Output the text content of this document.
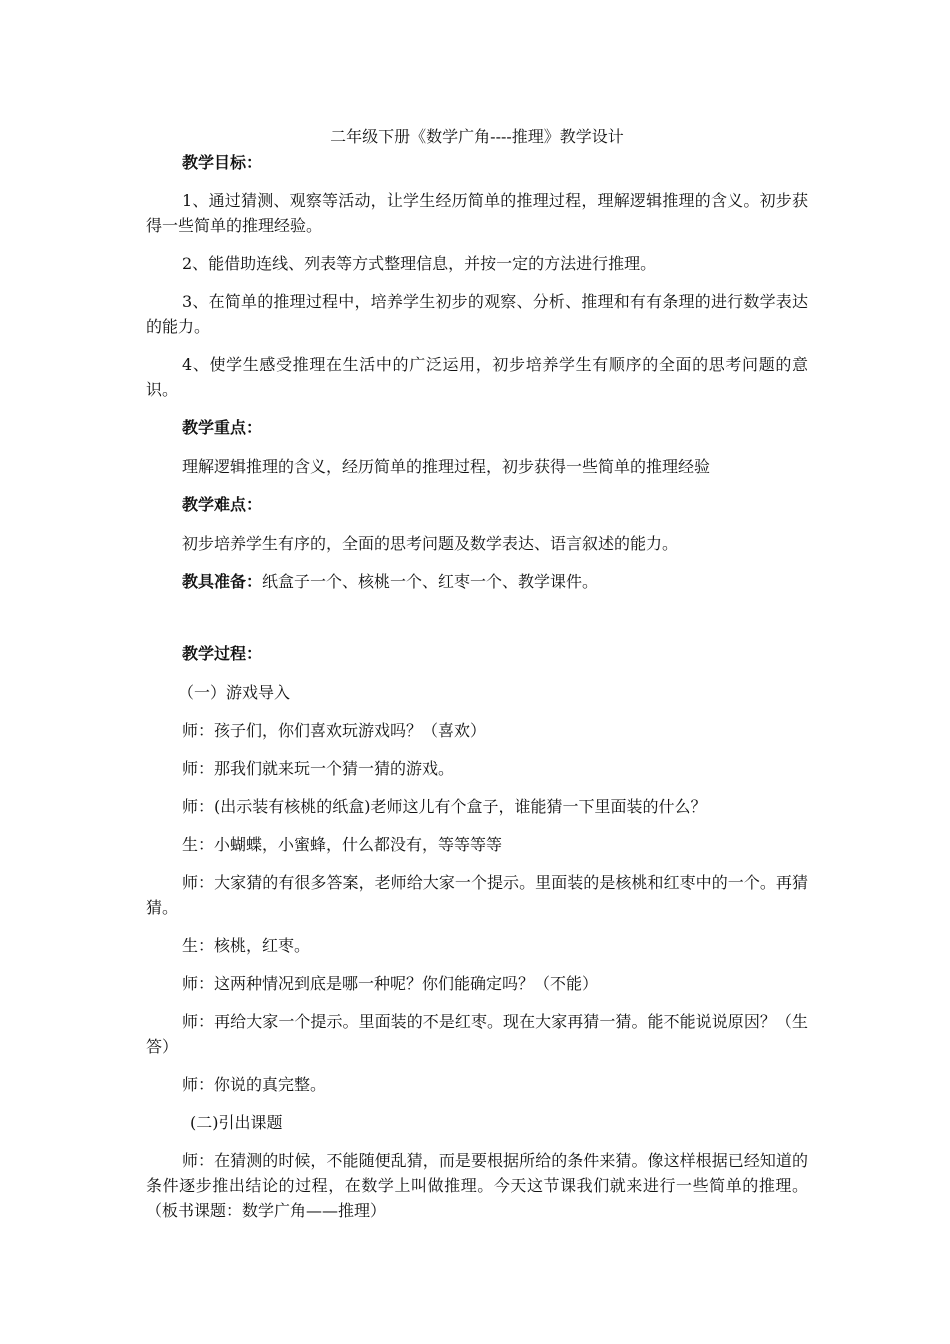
二年级下册《数学广角----推理》教学设计

教学目标：

1、通过猜测、观察等活动，让学生经历简单的推理过程，理解逻辑推理的含义。初步获得一些简单的推理经验。

2、能借助连线、列表等方式整理信息，并按一定的方法进行推理。

3、在简单的推理过程中，培养学生初步的观察、分析、推理和有有条理的进行数学表达的能力。

4、使学生感受推理在生活中的广泛运用，初步培养学生有顺序的全面的思考问题的意识。

教学重点：

理解逻辑推理的含义，经历简单的推理过程，初步获得一些简单的推理经验

教学难点：

初步培养学生有序的，全面的思考问题及数学表达、语言叙述的能力。

教具准备：纸盒子一个、核桃一个、红枣一个、教学课件。

教学过程：

（一）游戏导入

师：孩子们，你们喜欢玩游戏吗？（喜欢）

师：那我们就来玩一个猜一猜的游戏。

师：(出示装有核桃的纸盒)老师这儿有个盒子，谁能猜一下里面装的什么？

生：小蝴蝶，小蜜蜂，什么都没有，等等等等

师：大家猜的有很多答案，老师给大家一个提示。里面装的是核桃和红枣中的一个。再猜猜。

生：核桃，红枣。

师：这两种情况到底是哪一种呢？你们能确定吗？（不能）

师：再给大家一个提示。里面装的不是红枣。现在大家再猜一猜。能不能说说原因？（生答）

师：你说的真完整。

(二)引出课题

师：在猜测的时候，不能随便乱猜，而是要根据所给的条件来猜。像这样根据已经知道的条件逐步推出结论的过程，在数学上叫做推理。今天这节课我们就来进行一些简单的推理。（板书课题：数学广角——推理）
